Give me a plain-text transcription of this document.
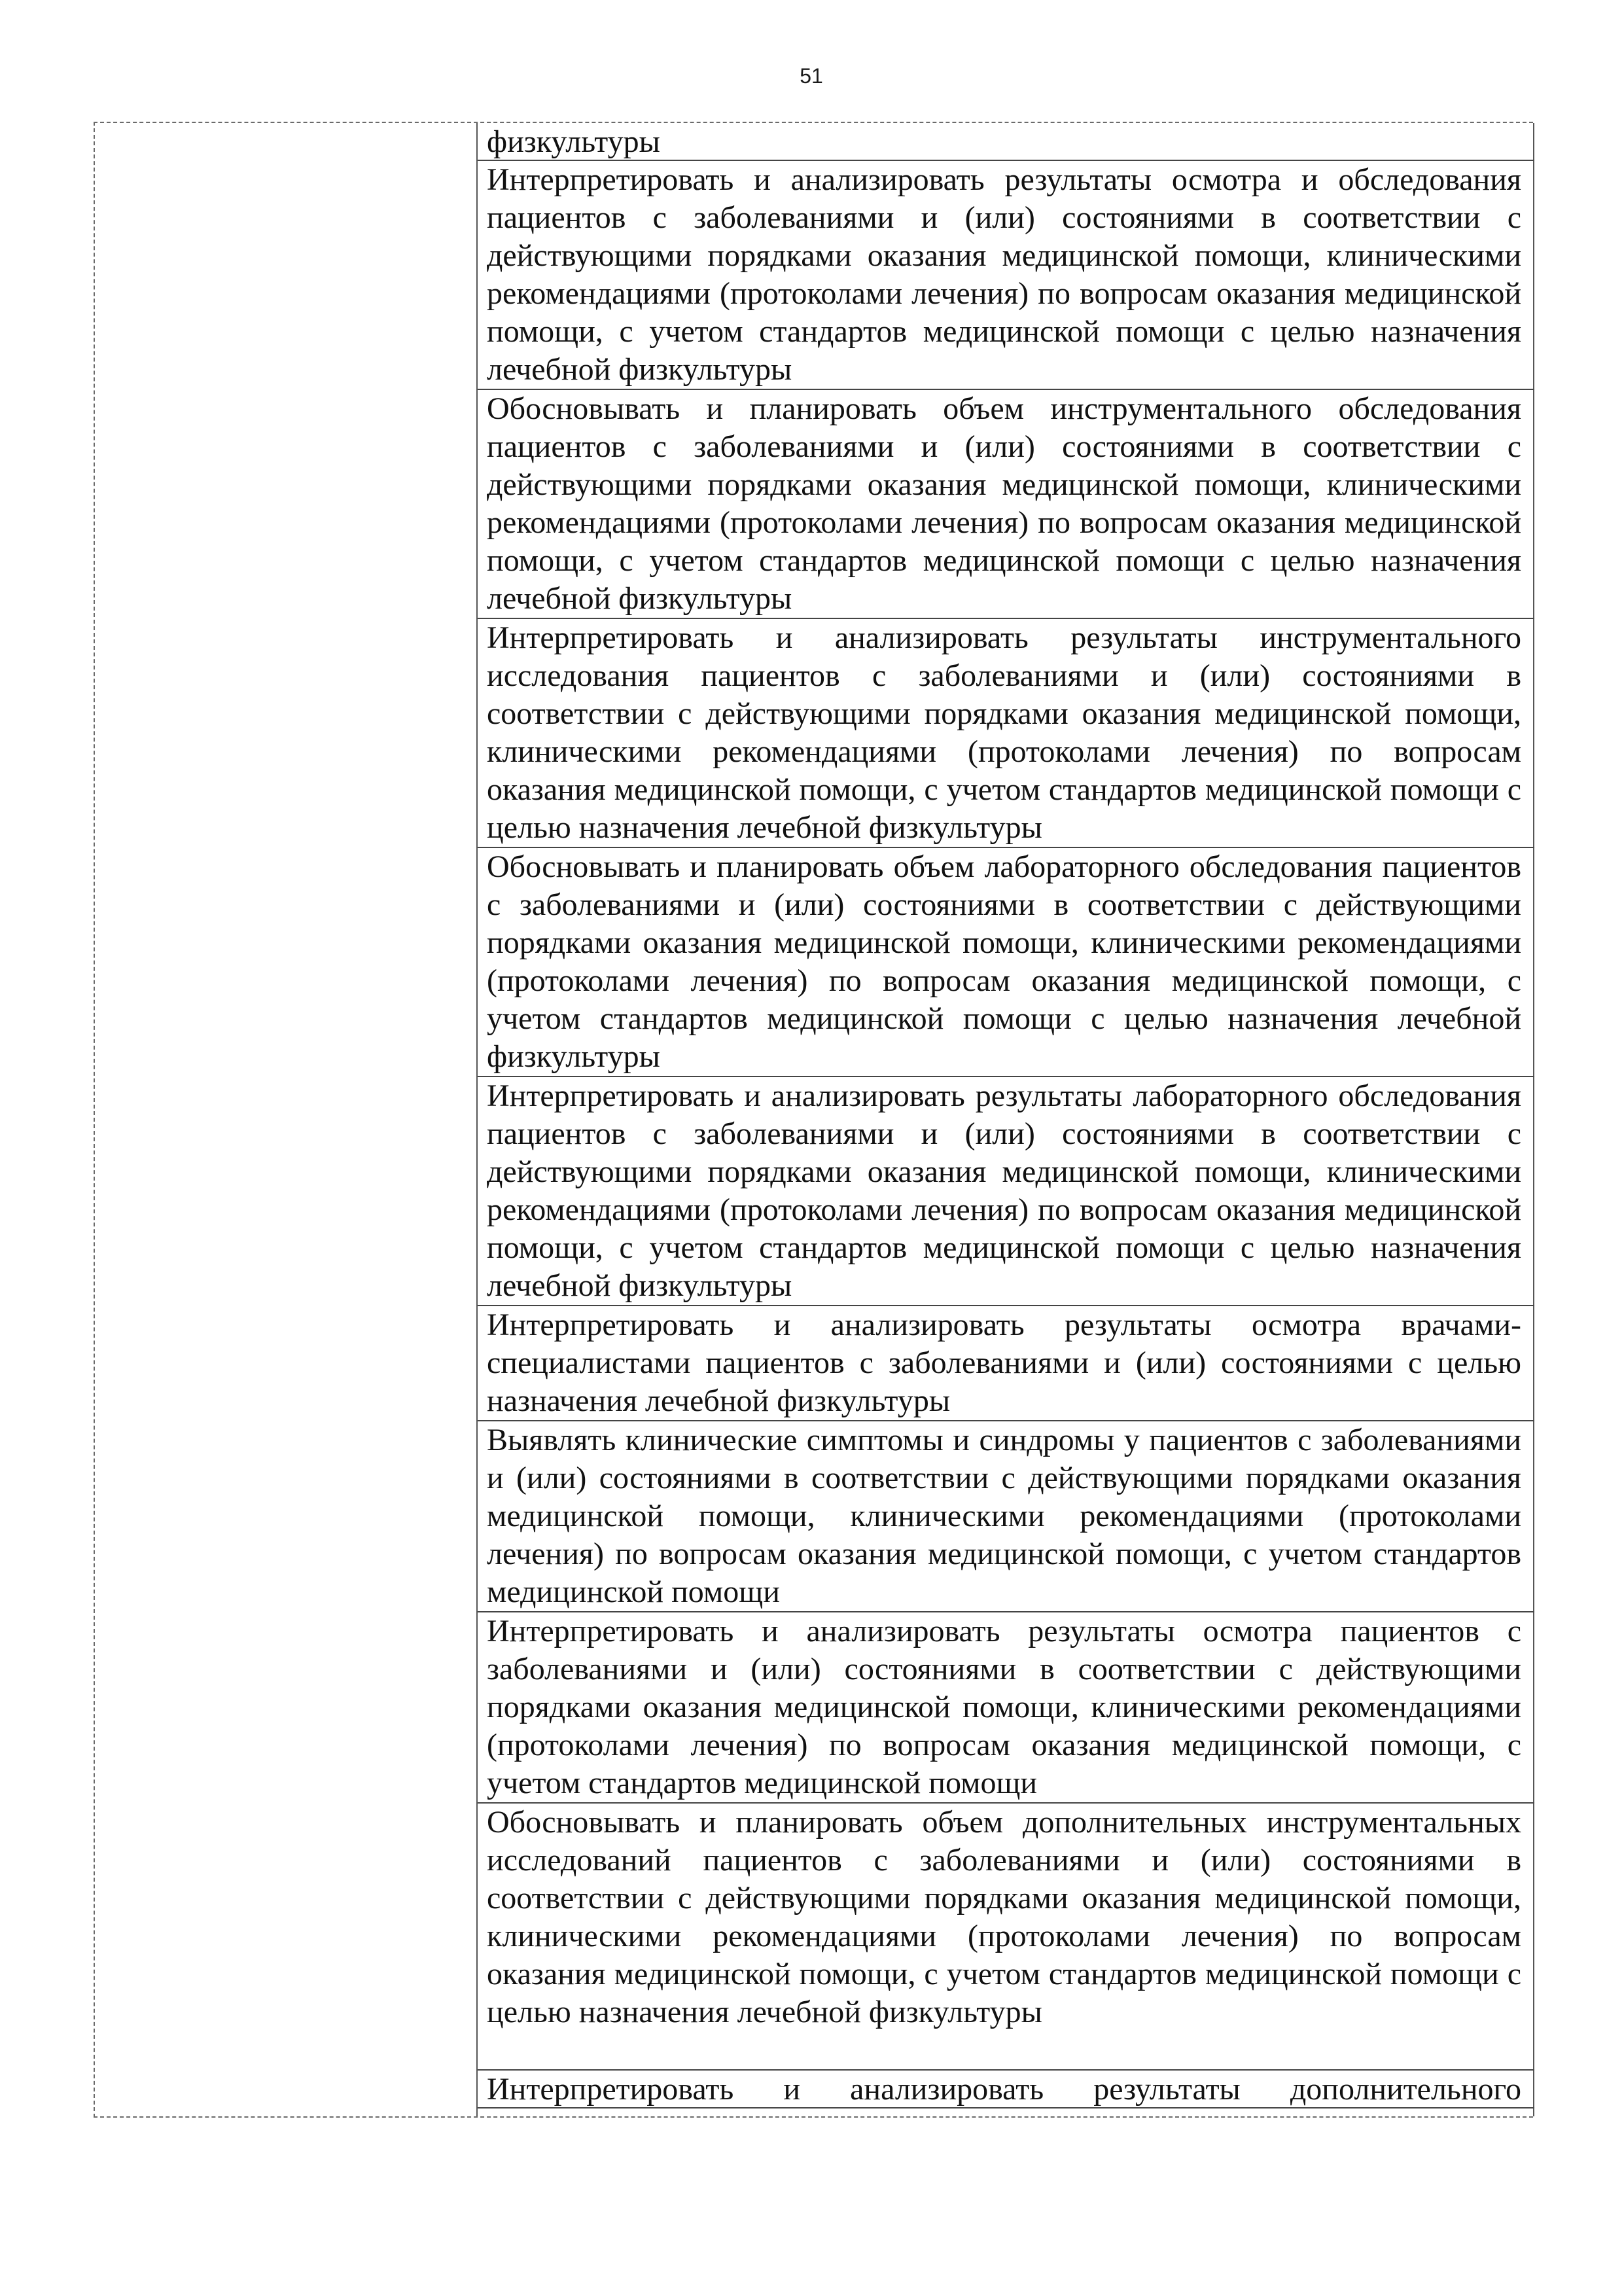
51
физкультуры
Интерпретировать и анализировать результаты осмотра и обследования пациентов с заболеваниями и (или) состояниями в соответствии с действующими порядками оказания медицинской помощи, клиническими рекомендациями (протоколами лечения) по вопросам оказания медицинской помощи, с учетом стандартов медицинской помощи с целью назначения лечебной физкультуры
Обосновывать и планировать объем инструментального обследования пациентов с заболеваниями и (или) состояниями в соответствии с действующими порядками оказания медицинской помощи, клиническими рекомендациями (протоколами лечения) по вопросам оказания медицинской помощи, с учетом стандартов медицинской помощи с целью назначения лечебной физкультуры
Интерпретировать и анализировать результаты инструментального исследования пациентов с заболеваниями и (или) состояниями в соответствии с действующими порядками оказания медицинской помощи, клиническими рекомендациями (протоколами лечения) по вопросам оказания медицинской помощи, с учетом стандартов медицинской помощи с целью назначения лечебной физкультуры
Обосновывать и планировать объем лабораторного обследования пациентов с заболеваниями и (или) состояниями в соответствии с действующими порядками оказания медицинской помощи, клиническими рекомендациями (протоколами лечения) по вопросам оказания медицинской помощи, с учетом стандартов медицинской помощи с целью назначения лечебной физкультуры
Интерпретировать и анализировать результаты лабораторного обследования пациентов с заболеваниями и (или) состояниями в соответствии с действующими порядками оказания медицинской помощи, клиническими рекомендациями (протоколами лечения) по вопросам оказания медицинской помощи, с учетом стандартов медицинской помощи с целью назначения лечебной физкультуры
Интерпретировать и анализировать результаты осмотра врачами-специалистами пациентов с заболеваниями и (или) состояниями с целью назначения лечебной физкультуры
Выявлять клинические симптомы и синдромы у пациентов с заболеваниями и (или) состояниями в соответствии с действующими порядками оказания медицинской помощи, клиническими рекомендациями (протоколами лечения) по вопросам оказания медицинской помощи, с учетом стандартов медицинской помощи
Интерпретировать и анализировать результаты осмотра пациентов с заболеваниями и (или) состояниями в соответствии с действующими порядками оказания медицинской помощи, клиническими рекомендациями (протоколами лечения) по вопросам оказания медицинской помощи, с учетом стандартов медицинской помощи
Обосновывать и планировать объем дополнительных инструментальных исследований пациентов с заболеваниями и (или) состояниями в соответствии с действующими порядками оказания медицинской помощи, клиническими рекомендациями (протоколами лечения) по вопросам оказания медицинской помощи, с учетом стандартов медицинской помощи с целью назначения лечебной физкультуры
Интерпретировать и анализировать результаты дополнительного
